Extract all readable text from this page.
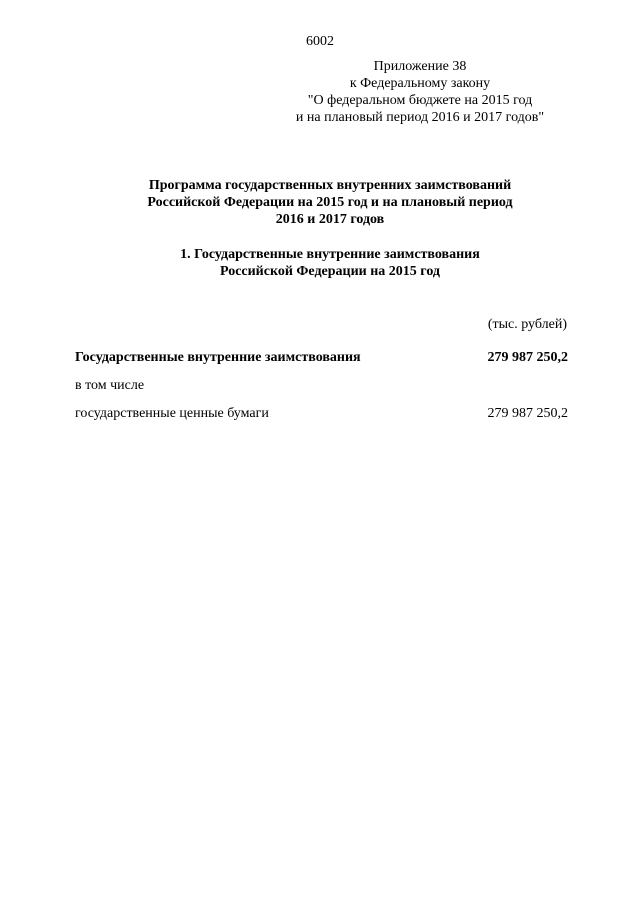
6002
Приложение 38
к Федеральному закону
"О федеральном бюджете на 2015 год
и на плановый период 2016 и 2017 годов"
Программа государственных внутренних заимствований
Российской Федерации на 2015 год и на плановый период
2016 и 2017 годов
1. Государственные внутренние заимствования
Российской Федерации на 2015 год
(тыс. рублей)
Государственные внутренние заимствования	279 987 250,2
в том числе
государственные ценные бумаги	279 987 250,2
